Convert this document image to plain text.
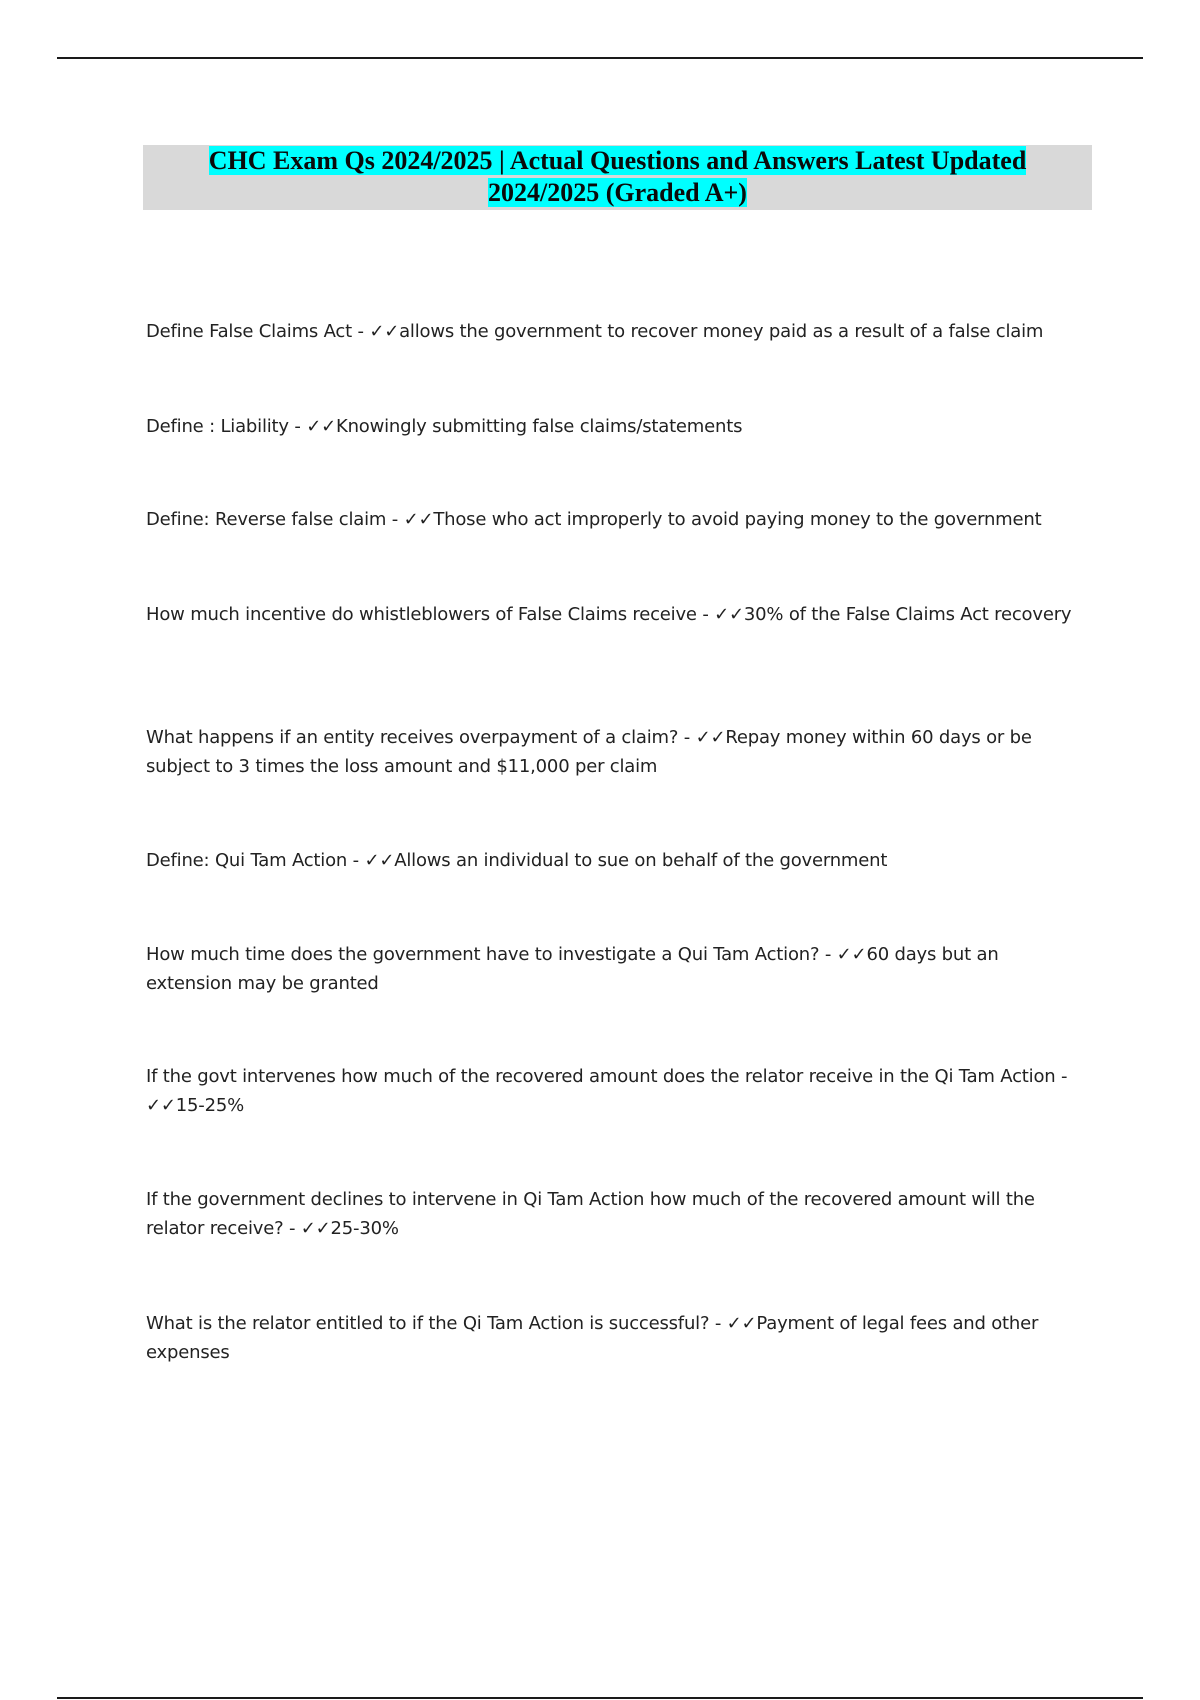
CHC Exam Qs 2024/2025 | Actual Questions and Answers Latest Updated
2024/2025 (Graded A+)
Define False Claims Act - ✓✓allows the government to recover money paid as a result of a false claim
Define : Liability - ✓✓Knowingly submitting false claims/statements
Define: Reverse false claim - ✓✓Those who act improperly to avoid paying money to the government
How much incentive do whistleblowers of False Claims receive - ✓✓30% of the False Claims Act recovery
What happens if an entity receives overpayment of a claim? - ✓✓Repay money within 60 days or be subject to 3 times the loss amount and $11,000 per claim
Define: Qui Tam Action - ✓✓Allows an individual to sue on behalf of the government
How much time does the government have to investigate a Qui Tam Action? - ✓✓60 days but an extension may be granted
If the govt intervenes how much of the recovered amount does the relator receive in the Qi Tam Action - ✓✓15-25%
If the government declines to intervene in Qi Tam Action how much of the recovered amount will the relator receive? - ✓✓25-30%
What is the relator entitled to if the Qi Tam Action is successful? - ✓✓Payment of legal fees and other expenses
